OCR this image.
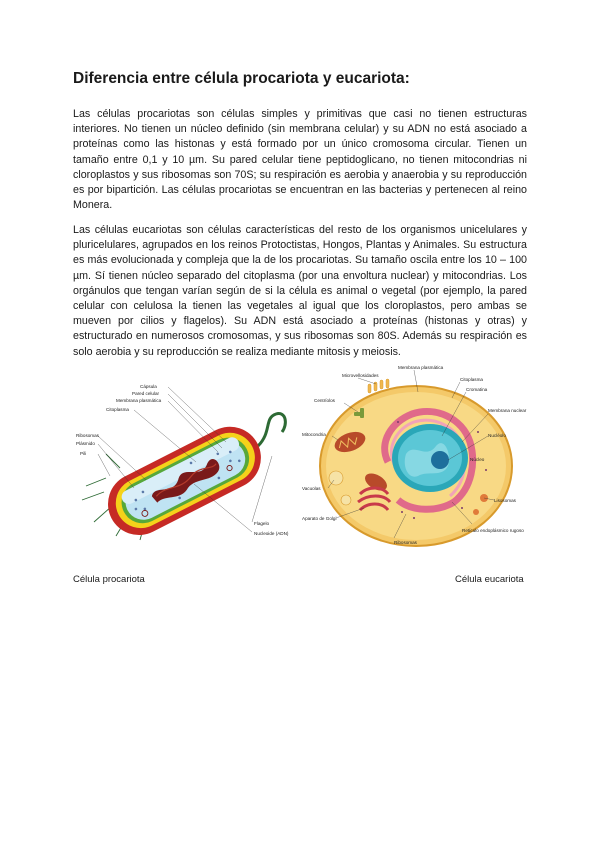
Diferencia entre célula procariota y eucariota:

Las células procariotas son células simples y primitivas que casi no tienen estructuras interiores. No tienen un núcleo definido (sin membrana celular) y su ADN no está asociado a proteínas como las histonas y está formado por un único cromosoma circular. Tienen un tamaño entre 0,1 y 10 µm. Su pared celular tiene peptidoglicano, no tienen mitocondrias ni cloroplastos y sus ribosomas son 70S; su respiración es aerobia y anaerobia y su reproducción es por bipartición. Las células procariotas se encuentran en las bacterias y pertenecen al reino Monera.

Las células eucariotas son células características del resto de los organismos unicelulares y pluricelulares, agrupados en los reinos Protoctistas, Hongos, Plantas y Animales. Su estructura es más evolucionada y compleja que la de los procariotas. Su tamaño oscila entre los 10 – 100 µm. Sí tienen núcleo separado del citoplasma (por una envoltura nuclear) y mitocondrias. Los orgánulos que tengan varían según de si la célula es animal o vegetal (por ejemplo, la pared celular con celulosa la tienen las vegetales al igual que los cloroplastos, pero ambas se mueven por cilios y flagelos). Su ADN está asociado a proteínas (histonas y otras) y estructurado en numerosos cromosomas, y sus ribosomas son 80S. Además su respiración es solo aerobia y su reproducción se realiza mediante mitosis y meiosis.

Cápsula
Pared celular
Membrana plasmática
Citoplasma
Ribosomas
Plásmido
Pili
Flagelo
Nucleoide (ADN)
Microvellosidades
Membrana plasmática
Citoplasma
Cromatina
Centríolos
Membrana nuclear
Nucléolo
Mitocondria
Vacuolas
Núcleo
Lisosomas
Aparato de Golgi
Ribosomas
Retículo endoplásmico rugoso

Célula procariota	Célula eucariota
